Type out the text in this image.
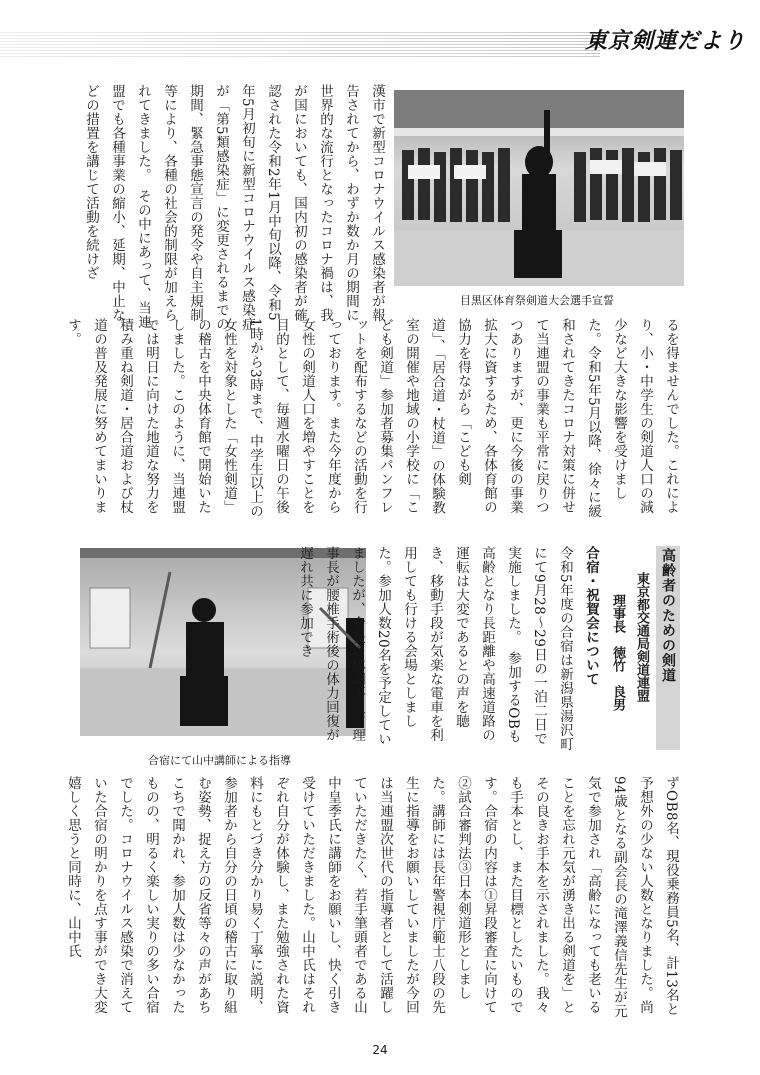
東京剣連だより
漢市で新型コロナウイルス感染者が報告されてから、わずか数か月の期間に世界的な流行となったコロナ禍は、我が国においても、国内初の感染者が確認された令和2年1月中旬以降、令和5年5月初旬に新型コロナウイルス感染症が「第5類感染症」に変更されるまでの期間、緊急事態宣言の発令や自主規制等により、各種の社会的制限が加えられてきました。　その中にあって、当連盟でも各種事業の縮小、延期、中止などの措置を講じて活動を続けざ
目黒区体育祭剣道大会選手宣誓
るを得ませんでした。これにより、小・中学生の剣道人口の減少など大きな影響を受けました。令和5年5月以降、徐々に緩和されてきたコロナ対策に併せて当連盟の事業も平常に戻りつつありますが、更に今後の事業拡大に資するため、各体育館の協力を得ながら「こども剣道」、「居合道・杖道」の体験教室の開催や地域の小学校に「こども剣道」参加者募集パンフレットを配布するなどの活動を行っております。また今年度から女性の剣道人口を増やすことを目的として、毎週水曜日の午後1時から3時まで、中学生以上の女性を対象とした「女性剣道」の稽古を中央体育館で開始いたしました。このように、当連盟では明日に向けた地道な努力を積み重ね剣道・居合道および杖道の普及発展に努めてまいります。
合宿にて山中講師による指導
高齢者のための剣道
東京都交通局剣道連盟
理事長　徳竹　良男
合宿・祝賀会について
令和5年度の合宿は新潟県湯沢町にて9月28〜29日の一泊二日で実施しました。　参加するOBも高齢となり長距離や高速道路の運転は大変であるとの声を聴き、移動手段が気楽な電車を利用しても行ける会場としました。参加人数20名を予定していましたが、会長の体調不良、理事長が腰椎手術後の体力回復が遅れ共に参加でき
ずOB8名、現役乗務員5名、計13名と予想外の少ない人数となりました。尚94歳となる副会長の滝澤義信先生が元気で参加され「高齢になっても老いることを忘れ元気が湧き出る剣道を」とその良きお手本を示されました。我々も手本とし、また目標としたいものです。合宿の内容は①昇段審査に向けて②試合審判法③日本剣道形としました。講師には長年警視庁範士八段の先生に指導をお願いしていましたが今回は当連盟次世代の指導者として活躍していただきたく、若手筆頭者である山中皇季氏に講師をお願いし、快く引き受けていただきました。山中氏はそれぞれ自分が体験し、また勉強された資料にもとづき分かり易く丁寧に説明、参加者から自分の日頃の稽古に取り組む姿勢、捉え方の反省等々の声があちこちで聞かれ、参加人数は少なかったものの、明るく楽しい実りの多い合宿でした。コロナウイルス感染で消えていた合宿の明かりを点す事ができ大変嬉しく思うと同時に、山中氏
24
